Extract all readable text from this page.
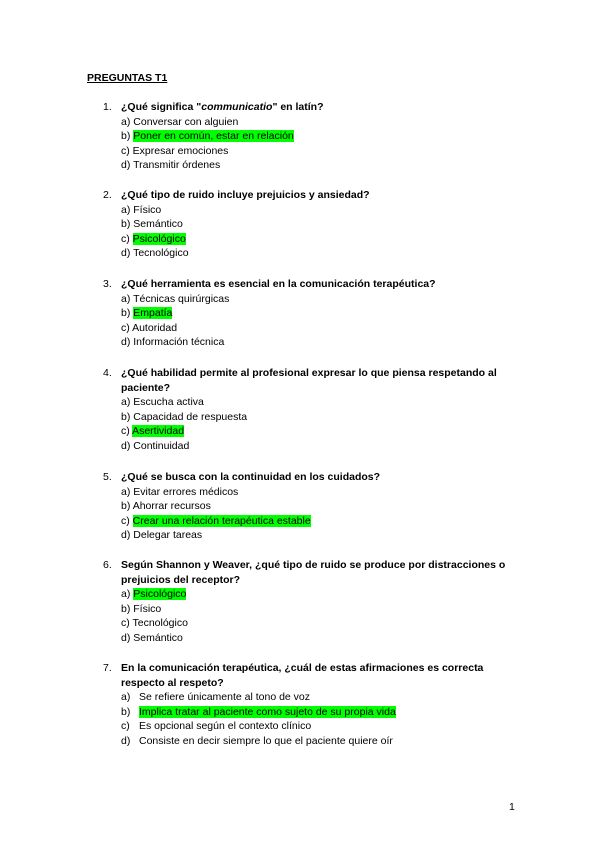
PREGUNTAS T1
1. ¿Qué significa "communicatio" en latín?
a) Conversar con alguien
b) Poner en común, estar en relación
c) Expresar emociones
d) Transmitir órdenes
2. ¿Qué tipo de ruido incluye prejuicios y ansiedad?
a) Físico
b) Semántico
c) Psicológico
d) Tecnológico
3. ¿Qué herramienta es esencial en la comunicación terapéutica?
a) Técnicas quirúrgicas
b) Empatía
c) Autoridad
d) Información técnica
4. ¿Qué habilidad permite al profesional expresar lo que piensa respetando al paciente?
a) Escucha activa
b) Capacidad de respuesta
c) Asertividad
d) Continuidad
5. ¿Qué se busca con la continuidad en los cuidados?
a) Evitar errores médicos
b) Ahorrar recursos
c) Crear una relación terapéutica estable
d) Delegar tareas
6. Según Shannon y Weaver, ¿qué tipo de ruido se produce por distracciones o prejuicios del receptor?
a) Psicológico
b) Físico
c) Tecnológico
d) Semántico
7. En la comunicación terapéutica, ¿cuál de estas afirmaciones es correcta respecto al respeto?
a) Se refiere únicamente al tono de voz
b) Implica tratar al paciente como sujeto de su propia vida
c) Es opcional según el contexto clínico
d) Consiste en decir siempre lo que el paciente quiere oír
1
